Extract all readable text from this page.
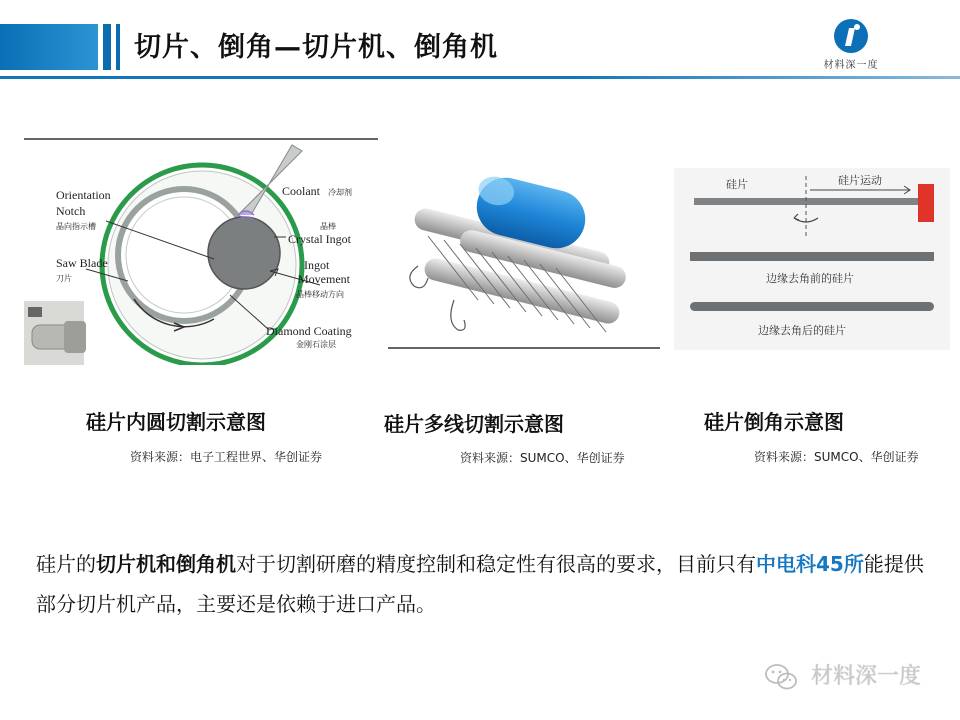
切片、倒角—切片机、倒角机
材料深一度
Orientation
Notch
晶向指示槽
Saw Blade
刀片
Coolant 冷却剂
晶棒
Crystal Ingot
Ingot
Movement
晶棒移动方向
Diamond Coating
金刚石涂层
硅片	硅片运动
边缘去角前的硅片
边缘去角后的硅片
硅片内圆切割示意图
资料来源：电子工程世界、华创证券
硅片多线切割示意图
资料来源：SUMCO、华创证券
硅片倒角示意图
资料来源：SUMCO、华创证券
硅片的切片机和倒角机对于切割研磨的精度控制和稳定性有很高的要求，目前只有中电科45所能提供部分切片机产品，主要还是依赖于进口产品。
材料深一度
